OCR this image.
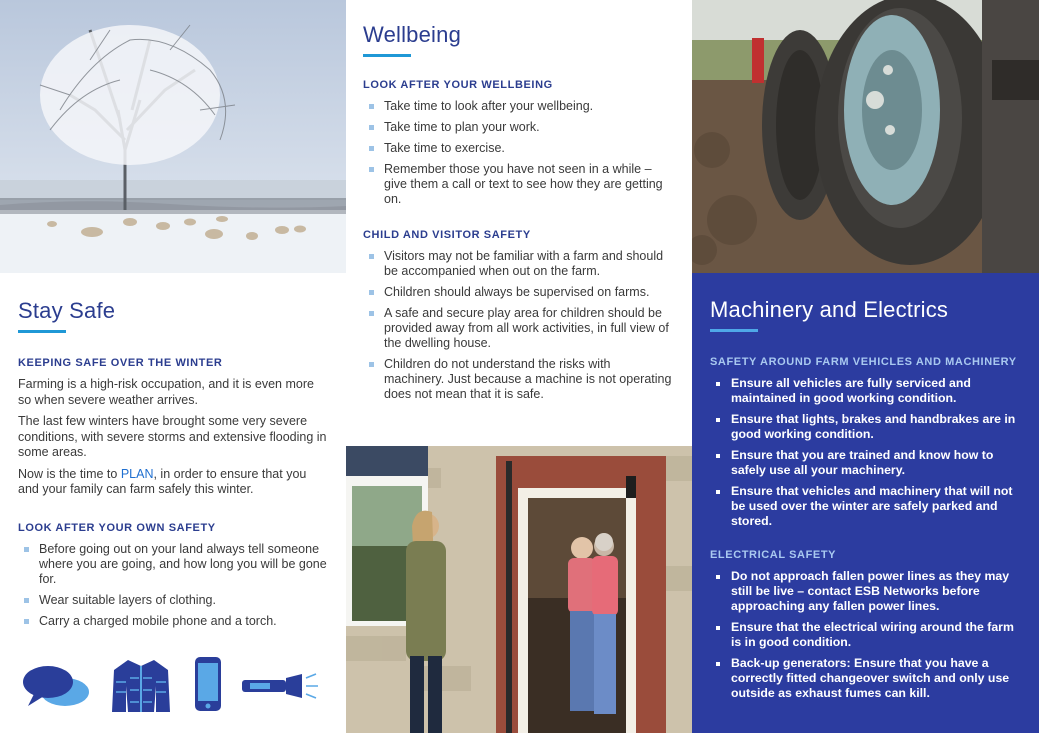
Stay Safe
KEEPING SAFE OVER THE WINTER

Farming is a high-risk occupation, and it is even more so when severe weather arrives.

The last few winters have brought some very severe conditions, with severe storms and extensive flooding in some areas.

Now is the time to PLAN, in order to ensure that you and your family can farm safely this winter.

LOOK AFTER YOUR OWN SAFETY
Before going out on your land always tell someone where you are going, and how long you will be gone for.
Wear suitable layers of clothing.
Carry a charged mobile phone and a torch.
Wellbeing
LOOK AFTER YOUR WELLBEING
Take time to look after your wellbeing.
Take time to plan your work.
Take time to exercise.
Remember those you have not seen in a while – give them a call or text to see how they are getting on.
CHILD AND VISITOR SAFETY
Visitors may not be familiar with a farm and should be accompanied when out on the farm.
Children should always be supervised on farms.
A safe and secure play area for children should be provided away from all work activities, in full view of the dwelling house.
Children do not understand the risks with machinery. Just because a machine is not operating does not mean that it is safe.
Machinery and Electrics
SAFETY AROUND FARM VEHICLES AND MACHINERY
Ensure all vehicles are fully serviced and maintained in good working condition.
Ensure that lights, brakes and handbrakes are in good working condition.
Ensure that you are trained and know how to safely use all your machinery.
Ensure that vehicles and machinery that will not be used over the winter are safely parked and stored.
ELECTRICAL SAFETY
Do not approach fallen power lines as they may still be live – contact ESB Networks before approaching any fallen power lines.
Ensure that the electrical wiring around the farm is in good condition.
Back-up generators: Ensure that you have a correctly fitted changeover switch and only use outside as exhaust fumes can kill.
